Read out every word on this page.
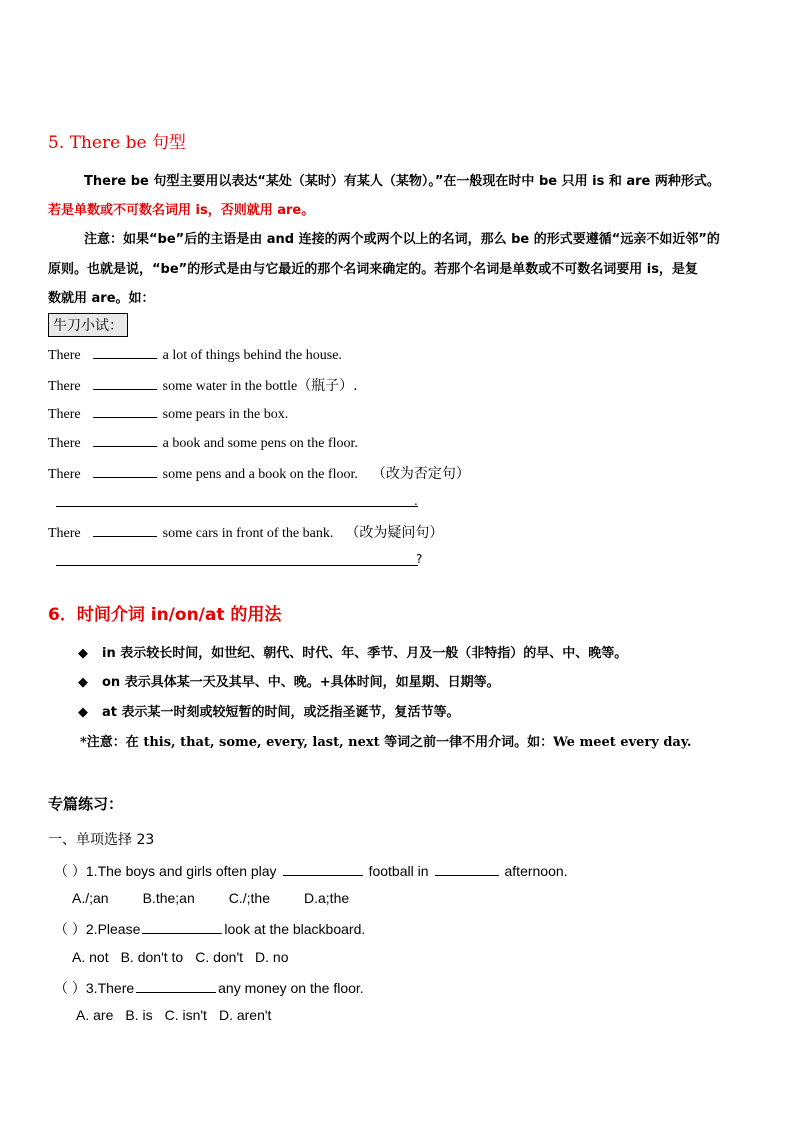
5. There be 句型
There be 句型主要用以表达“某处（某时）有某人（某物）。”在一般现在时中 be 只用 is 和 are 两种形式。
若是单数或不可数名词用 is，否则就用 are。
注意：如果“be”后的主语是由 and 连接的两个或两个以上的名词，那么 be 的形式要遵循“远亲不如近邻”的
原则。也就是说，“be”的形式是由与它最近的那个名词来确定的。若那个名词是单数或不可数名词要用 is，是复
数就用 are。如：
牛刀小试：
There	a lot of things behind the house.
There	some water in the bottle（瓶子）.
There	some pears in the box.
There	a book and some pens on the floor.
There	some pens and a book on the floor. （改为否定句）
.
There	some cars in front of the bank. （改为疑问句）
?
6．时间介词 in/on/at 的用法
◆ in 表示较长时间，如世纪、朝代、时代、年、季节、月及一般（非特指）的早、中、晚等。
◆ on 表示具体某一天及其早、中、晚。+具体时间，如星期、日期等。
◆ at 表示某一时刻或较短暂的时间，或泛指圣诞节，复活节等。
*注意：在 this, that, some, every, last, next 等词之前一律不用介词。如：We meet every day.
专篇练习：
一、单项选择 23
（ ）1.The boys and girls often play	football in	afternoon.
A./;an B.the;an C./;the D.a;the
（ ）2.Please	look at the blackboard.
A. not B. don't to C. don't D. no
（ ）3.There	any money on the floor.
A. are B. is C. isn't D. aren't
